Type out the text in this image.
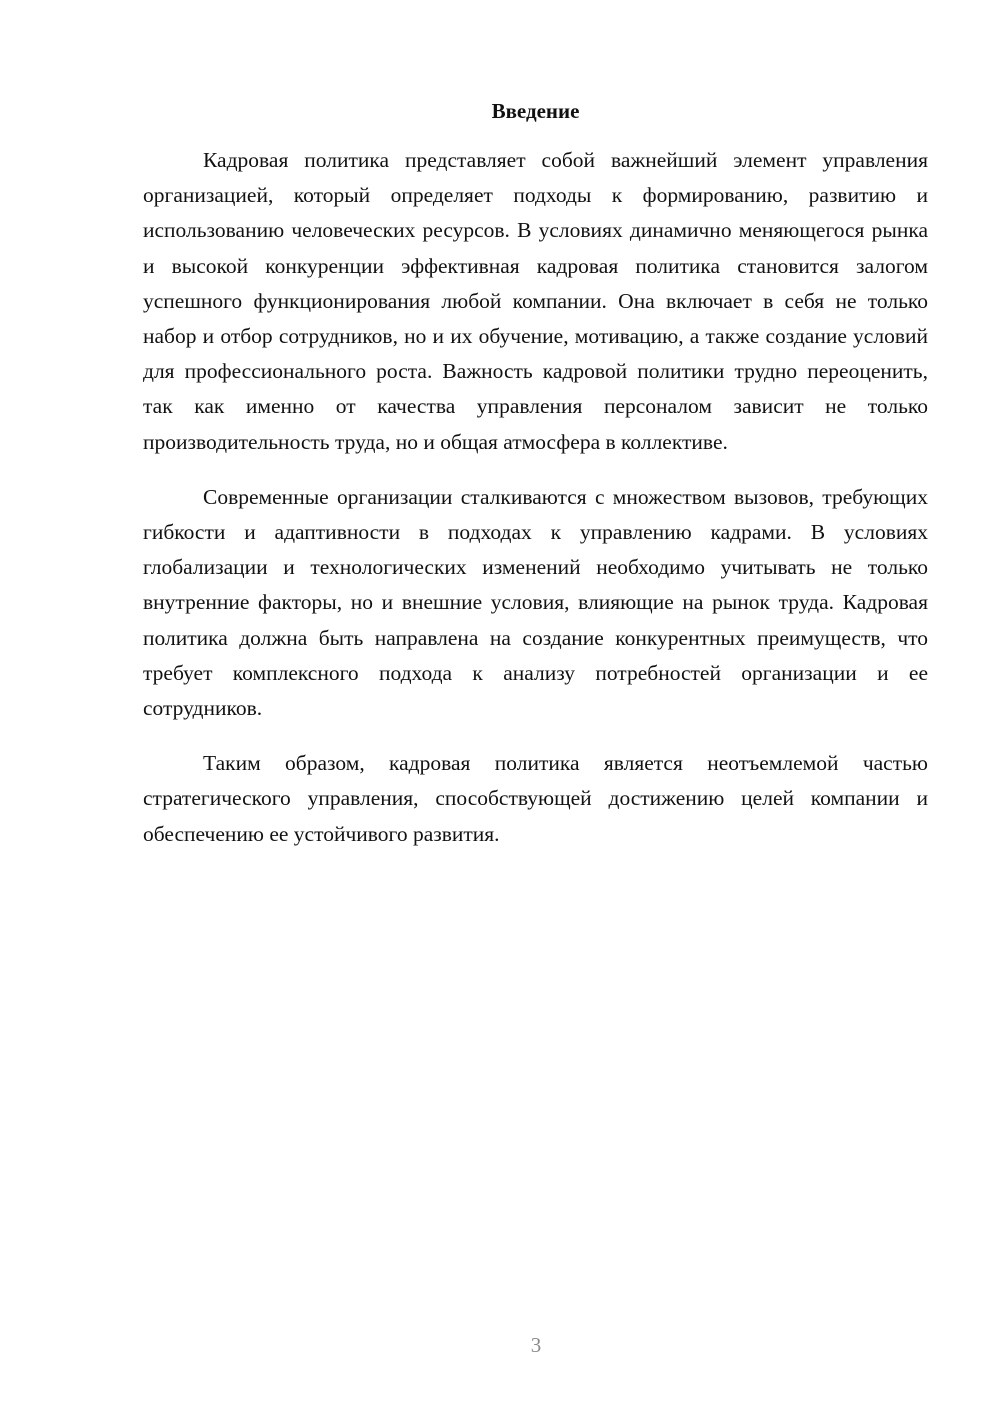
Введение

Кадровая политика представляет собой важнейший элемент управления организацией, который определяет подходы к формированию, развитию и использованию человеческих ресурсов. В условиях динамично меняющегося рынка и высокой конкуренции эффективная кадровая политика становится залогом успешного функционирования любой компании. Она включает в себя не только набор и отбор сотрудников, но и их обучение, мотивацию, а также создание условий для профессионального роста. Важность кадровой политики трудно переоценить, так как именно от качества управления персоналом зависит не только производительность труда, но и общая атмосфера в коллективе.

Современные организации сталкиваются с множеством вызовов, требующих гибкости и адаптивности в подходах к управлению кадрами. В условиях глобализации и технологических изменений необходимо учитывать не только внутренние факторы, но и внешние условия, влияющие на рынок труда. Кадровая политика должна быть направлена на создание конкурентных преимуществ, что требует комплексного подхода к анализу потребностей организации и ее сотрудников.

Таким образом, кадровая политика является неотъемлемой частью стратегического управления, способствующей достижению целей компании и обеспечению ее устойчивого развития.

3
